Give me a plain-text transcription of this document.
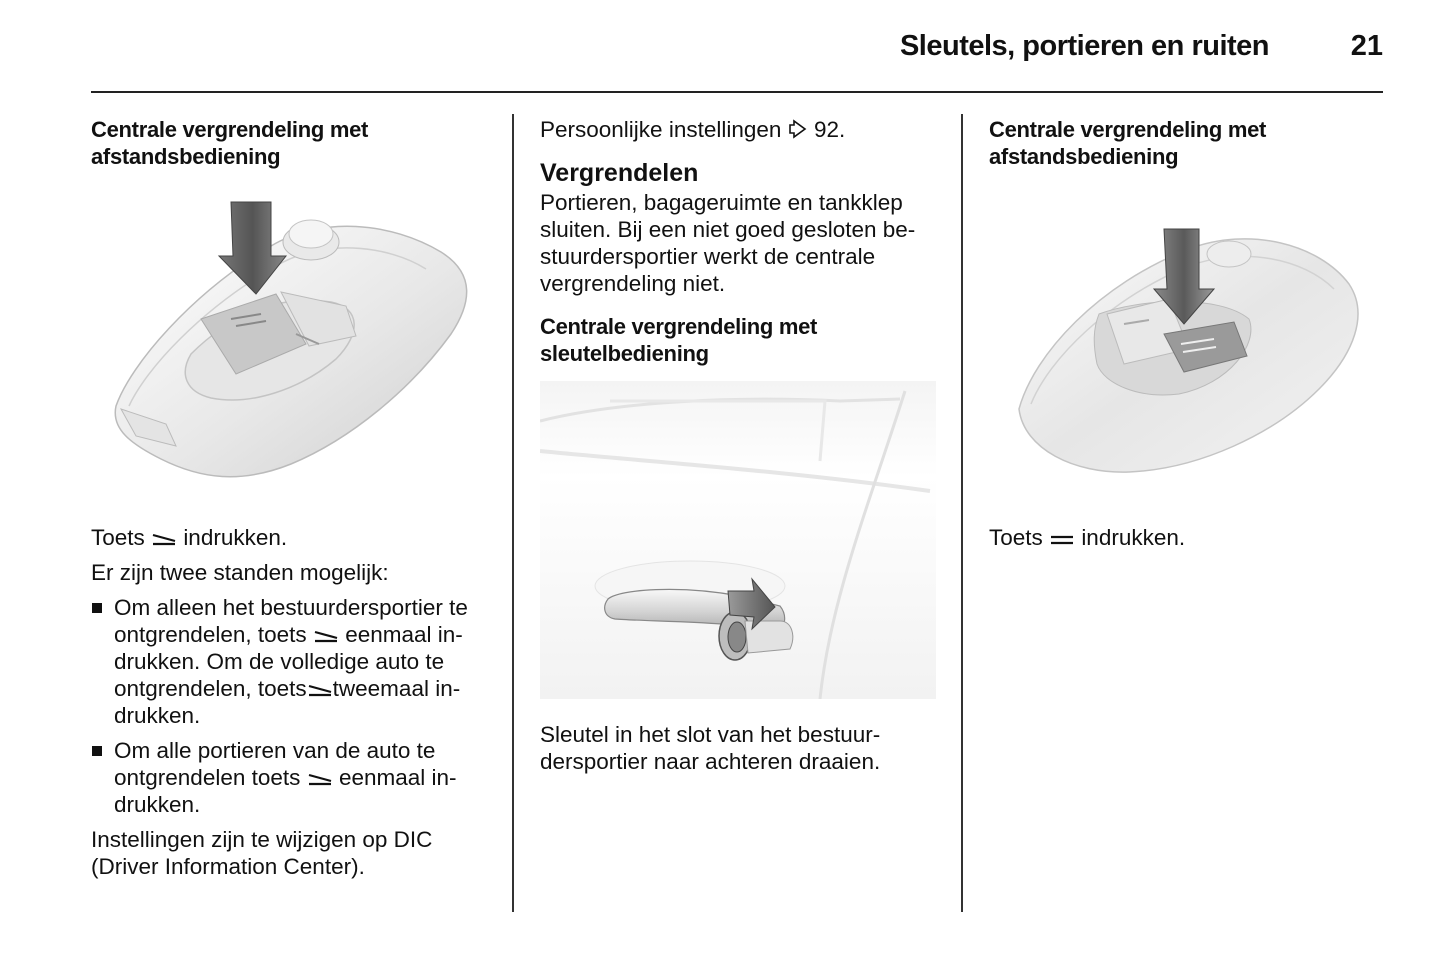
Sleutels, portieren en ruiten	21

Centrale vergrendeling met
afstandsbediening

Toets indrukken.

Er zijn twee standen mogelijk:

Om alleen het bestuurdersportier te
ontgrendelen, toets eenmaal in-
drukken. Om de volledige auto te
ontgrendelen, toets tweemaal in-
drukken.
Om alle portieren van de auto te
ontgrendelen toets eenmaal in-
drukken.

Instellingen zijn te wijzigen op DIC
(Driver Information Center).

Persoonlijke instellingen 92.

Vergrendelen

Portieren, bagageruimte en tankklep
sluiten. Bij een niet goed gesloten be-
stuurdersportier werkt de centrale
vergrendeling niet.

Centrale vergrendeling met
sleutelbediening

Sleutel in het slot van het bestuur-
dersportier naar achteren draaien.

Centrale vergrendeling met
afstandsbediening

Toets indrukken.
